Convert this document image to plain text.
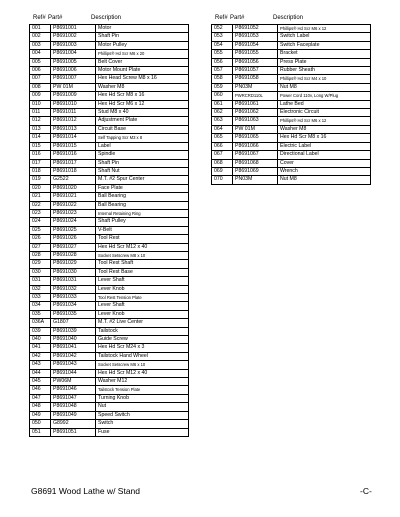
Ref# Part#	Description	Ref# Part#	Description
001	P8691001	Motor
002	P8691002	Shaft Pin
003	P8691003	Motor Pulley
004	P8691004	Phillips® Hd Scr M6 x 20
005	P8691005	Belt Cover
006	P8691006	Motor Mount Plate
007	P8691007	Hex Head Screw M8 x 16
008	PW 01M	Washer M8
009	P8691009	Hex Hd Scr M8 x 16
010	P8691010	Hex Hd Scr M6 x 12
011	P8691011	Stud M8 x 40
012	P8691012	Adjustment Plate
013	P8691013	Circuit Base
014	P8691014	Self Tapping Scr M3 x 8
015	P8691015	Label
016	P8691016	Spindle
017	P8691017	Shaft Pin
018	P8691018	Shaft Nut
019	G2522	M.T. #2 Spur Center
020	P8691020	Face Plate
021	P8691021	Ball Bearing
022	P8691022	Ball Bearing
023	P8691023	Internal Retaining Ring
024	P8691024	Shaft Pulley
025	P8691025	V-Belt
026	P8691026	Tool Rest
027	P8691027	Hex Hd Scr M12 x 40
028	P8691028	Socket Setscrew M8 x 10
029	P8691029	Tool Rest Shaft
030	P8691030	Tool Rest Base
031	P8691031	Lever Shaft
032	P8691032	Lever Knob
033	P8691033	Tool Rest Tension Plate
034	P8691034	Lever Shaft
035	P8691035	Lever Knob
036A	G1807	M.T. #2 Live Center
039	P8691039	Tailstock
040	P8691040	Guide Screw
041	P8691041	Hex Hd Scr M24 x 3
042	P8691042	Tailstock Hand Wheel
043	P8691043	Socket Setscrew M6 x 10
044	P8691044	Hex Hd Scr M12 x 40
045	PW06M	Washer M12
046	P8691046	Tailstock Tension Plate
047	P8691047	Turning Knob
048	P8691048	Nut
049	P8691049	Speed Switch
050	G8992	Switch
051	P8691051	Fuse
052	P8691052	Phillips® Hd Scr M6 x 12
053	P8691053	Switch Label
054	P8691054	Switch Faceplate
055	P8691055	Bracket
056	P8691056	Press Plate
057	P8691057	Rubber Sheath
058	P8691058	Phillips® Hd Scr M4 x 10
059	PN03M	Nut M8
060	PWRCRD110L	Power Cord 110v, Long W/Plug
061	P8691061	Lathe Bed
062	P8691062	Electronic Circuit
063	P8691063	Phillips® Hd Scr M6 x 12
064	PW 01M	Washer M8
065	P8691065	Hex Hd Scr M8 x 16
066	P8691066	Electric Label
067	P8691067	Directional Label
068	P8691068	Cover
069	P8691069	Wrench
070	PN03M	Nut M8
G8691 Wood Lathe w/ Stand	-C-
